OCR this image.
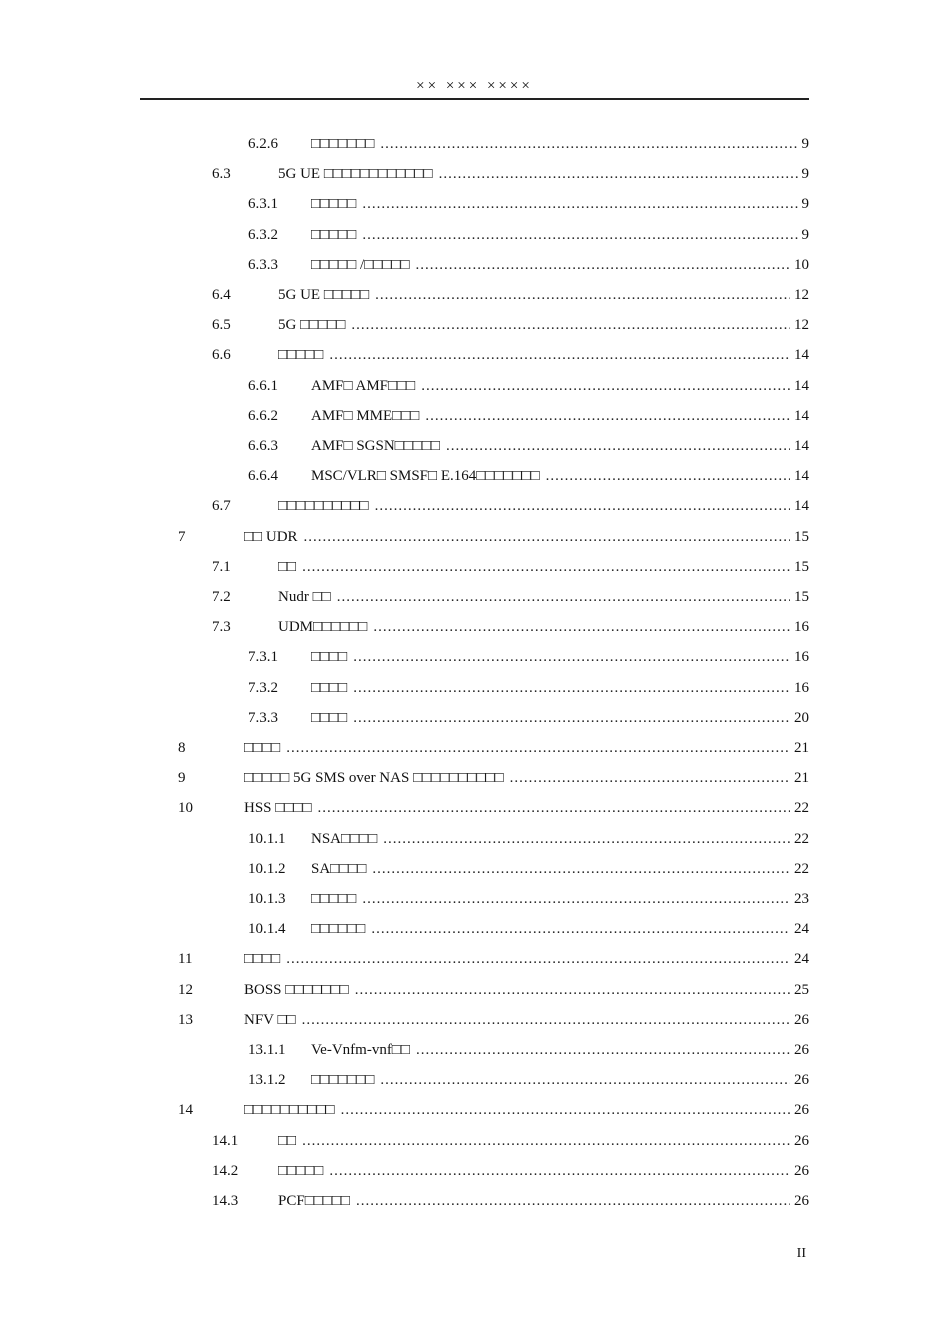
×× ××× ××××
6.2.6	□□□□□□□ .....	9
6.3	5G UE □□□□□□□□□□□□ .....	9
6.3.1	□□□□□ .....	9
6.3.2	□□□□□ .....	9
6.3.3	□□□□□ /□□□□□ .....	10
6.4	5G UE □□□□□ .....	12
6.5	5G □□□□□ .....	12
6.6	□□□□□ .....	14
6.6.1	AMF□ AMF□□□ .....	14
6.6.2	AMF□ MME□□□ .....	14
6.6.3	AMF□ SGSN□□□□□ .....	14
6.6.4	MSC/VLR□ SMSF□ E.164□□□□□□□ .....	14
6.7	□□□□□□□□□□ .....	14
7	□□ UDR .....	15
7.1	□□ .....	15
7.2	Nudr □□ .....	15
7.3	UDM□□□□□□ .....	16
7.3.1	□□□□ .....	16
7.3.2	□□□□ .....	16
7.3.3	□□□□ .....	20
8	□□□□ .....	21
9	□□□□□ 5G SMS over NAS □□□□□□□□□□ .....	21
10	HSS □□□□ .....	22
10.1.1	NSA□□□□ .....	22
10.1.2	SA□□□□ .....	22
10.1.3	□□□□□ .....	23
10.1.4	□□□□□□ .....	24
11	□□□□ .....	24
12	BOSS □□□□□□□ .....	25
13	NFV □□ .....	26
13.1.1	Ve-Vnfm-vnf□□ .....	26
13.1.2	□□□□□□□ .....	26
14	□□□□□□□□□□ .....	26
14.1	□□ .....	26
14.2	□□□□□ .....	26
14.3	PCF□□□□□ .....	26
II
